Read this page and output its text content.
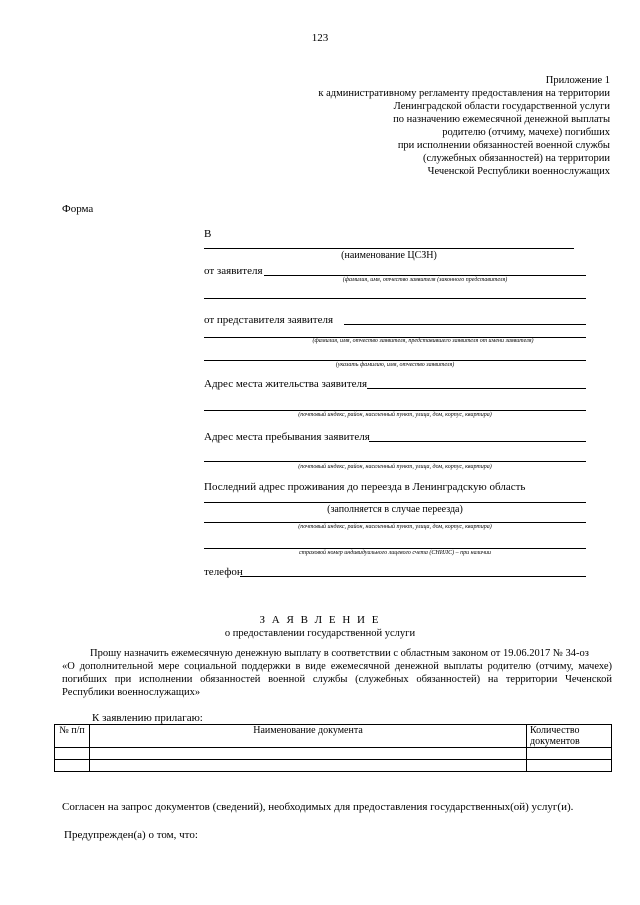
123
Приложение 1
к административному регламенту предоставления на территории
Ленинградской области государственной услуги
по назначению ежемесячной денежной выплаты
родителю (отчиму, мачехе) погибших
при исполнении обязанностей военной службы
(служебных обязанностей) на территории
Чеченской Республики военнослужащих
Форма
В
(наименование ЦСЗН)
от заявителя
(фамилия, имя, отчество заявителя (законного представителя)
от представителя заявителя
(фамилия, имя, отчество заявителя, представившего заявителя от имени заявителя)
(указать фамилию, имя, отчество заявителя)
Адрес места жительства заявителя
(почтовый индекс, район, населенный пункт, улица, дом, корпус, квартира)
Адрес места пребывания заявителя
(почтовый индекс, район, населенный пункт, улица, дом, корпус, квартира)
Последний адрес проживания до переезда в Ленинградскую область
(заполняется в случае переезда)
(почтовый индекс, район, населенный пункт, улица, дом, корпус, квартира)
страховой номер индивидуального лицевого счета (СНИЛС) – при наличии
телефон
З А Я В Л Е Н И Е
о предоставлении государственной услуги
Прошу назначить ежемесячную денежную выплату в соответствии с областным законом от 19.06.2017 № 34-оз
«О дополнительной мере социальной поддержки в виде ежемесячной денежной выплаты родителю (отчиму, мачехе) погибших при исполнении обязанностей военной службы (служебных обязанностей) на территории Чеченской Республики военнослужащих»
К заявлению прилагаю:
№ п/п	Наименование документа	Количество документов

Согласен на запрос документов (сведений), необходимых для предоставления государственных(ой) услуг(и).
Предупрежден(а) о том, что:
